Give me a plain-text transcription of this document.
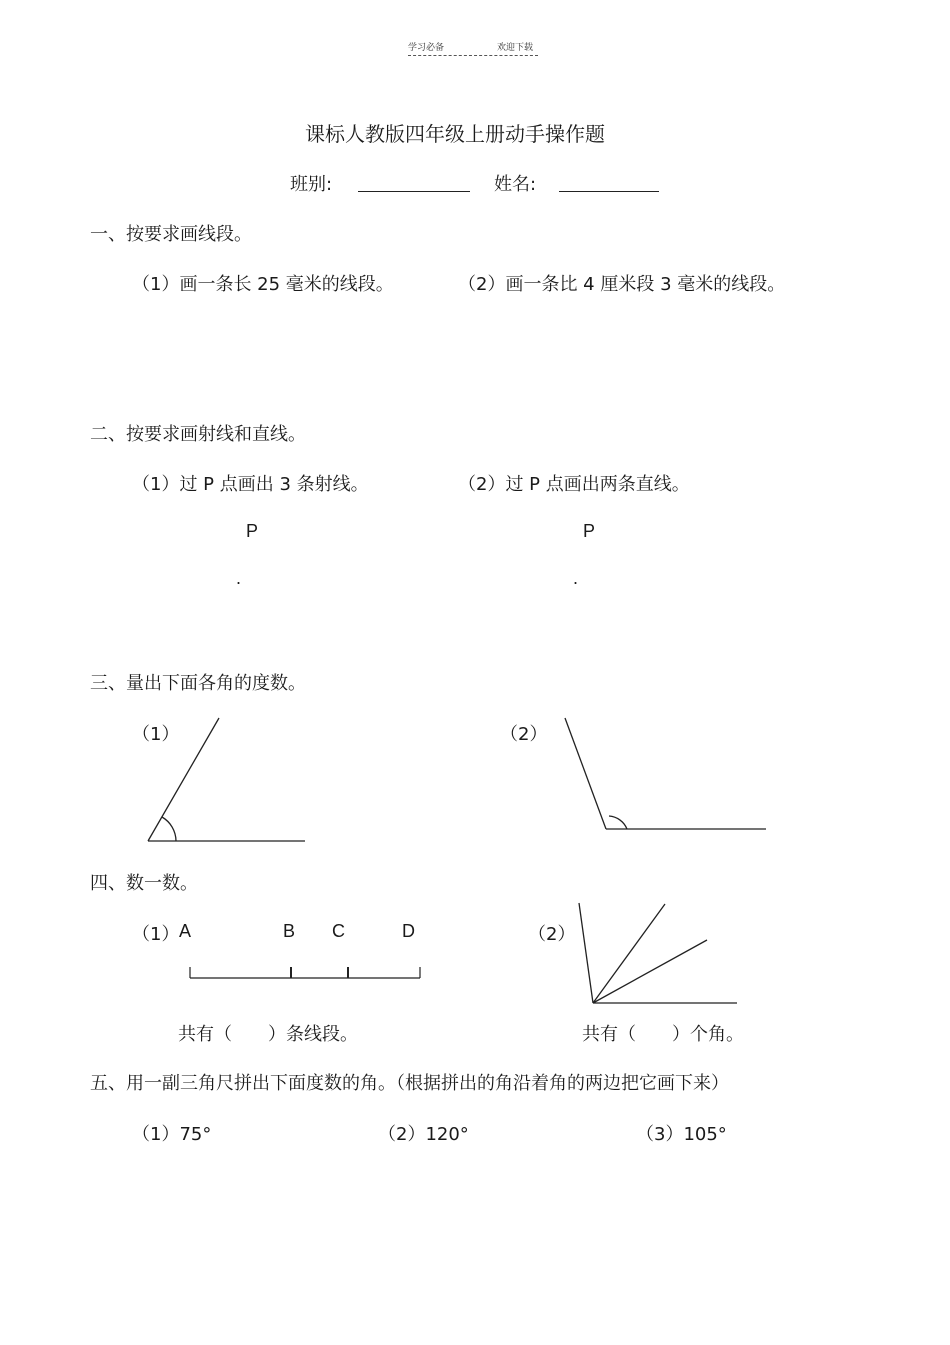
学习必备	欢迎下载
课标人教版四年级上册动手操作题
班别:	姓名:
一、按要求画线段。
（1）画一条长 25 毫米的线段。	（2）画一条比 4 厘米段 3 毫米的线段。
二、按要求画射线和直线。
（1）过 P 点画出 3 条射线。	（2）过 P 点画出两条直线。
P
.
P
.
三、量出下面各角的度数。
（1）	（2）
四、数一数。
（1） A	B C	D	（2）
共有（　　）条线段。	共有（　　）个角。
五、用一副三角尺拼出下面度数的角。（根据拼出的角沿着角的两边把它画下来）
（1）75°	（2）120°	（3）105°
